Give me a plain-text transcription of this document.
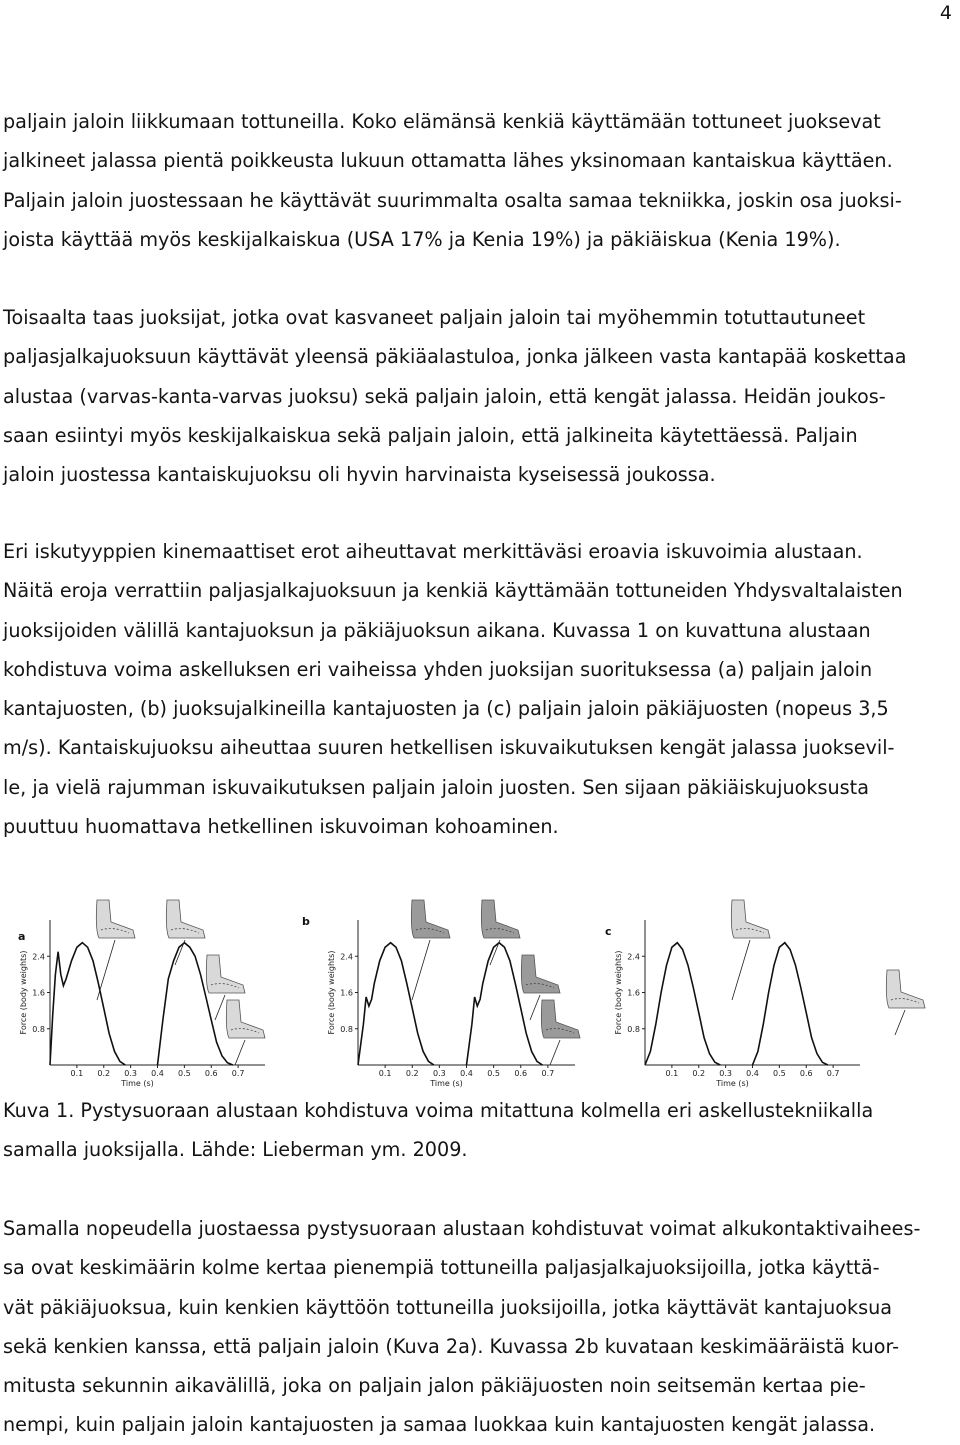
4
paljain jaloin liikkumaan tottuneilla. Koko elämänsä kenkiä käyttämään tottuneet juoksevat
jalkineet jalassa pientä poikkeusta lukuun ottamatta lähes yksinomaan kantaiskua käyttäen.
Paljain jaloin juostessaan he käyttävät suurimmalta osalta samaa tekniikka, joskin osa juoksi-
joista käyttää myös keskijalkaiskua (USA 17% ja Kenia 19%) ja päkiäiskua (Kenia 19%).
Toisaalta taas juoksijat, jotka ovat kasvaneet paljain jaloin tai myöhemmin totuttautuneet
paljasjalkajuoksuun käyttävät yleensä päkiäalastuloa, jonka jälkeen vasta kantapää koskettaa
alustaa (varvas-kanta-varvas juoksu) sekä paljain jaloin, että kengät jalassa. Heidän joukos-
saan esiintyi myös keskijalkaiskua sekä paljain jaloin, että jalkineita käytettäessä. Paljain
jaloin juostessa kantaiskujuoksu oli hyvin harvinaista kyseisessä joukossa.
Eri iskutyyppien kinemaattiset erot aiheuttavat merkittäväsi eroavia iskuvoimia alustaan.
Näitä eroja verrattiin paljasjalkajuoksuun ja kenkiä käyttämään tottuneiden Yhdysvaltalaisten
juoksijoiden välillä kantajuoksun ja päkiäjuoksun aikana. Kuvassa 1 on kuvattuna alustaan
kohdistuva voima askelluksen eri vaiheissa yhden juoksijan suorituksessa (a) paljain jaloin
kantajuosten, (b) juoksujalkineilla kantajuosten ja (c) paljain jaloin päkiäjuosten (nopeus 3,5
m/s). Kantaiskujuoksu aiheuttaa suuren hetkellisen iskuvaikutuksen kengät jalassa juoksevil-
le, ja vielä rajumman iskuvaikutuksen paljain jaloin juosten. Sen sijaan päkiäiskujuoksusta
puuttuu huomattava hetkellinen iskuvoiman kohoaminen.
2.4
1.6
0.8
0.1 0.2 0.3 0.4 0.5 0.6 0.7
Time (s)
Force (body weights)
a
2.4
1.6
0.8
0.1 0.2 0.3 0.4 0.5 0.6 0.7
Time (s)
Force (body weights)
b
2.4
1.6
0.8
0.1 0.2 0.3 0.4 0.5 0.6 0.7
Time (s)
Force (body weights)
c
Kuva 1. Pystysuoraan alustaan kohdistuva voima mitattuna kolmella eri askellustekniikalla
samalla juoksijalla. Lähde: Lieberman ym. 2009.
Samalla nopeudella juostaessa pystysuoraan alustaan kohdistuvat voimat alkukontaktivaihees-
sa ovat keskimäärin kolme kertaa pienempiä tottuneilla paljasjalkajuoksijoilla, jotka käyttä-
vät päkiäjuoksua, kuin kenkien käyttöön tottuneilla juoksijoilla, jotka käyttävät kantajuoksua
sekä kenkien kanssa, että paljain jaloin (Kuva 2a). Kuvassa 2b kuvataan keskimääräistä kuor-
mitusta sekunnin aikavälillä, joka on paljain jalon päkiäjuosten noin seitsemän kertaa pie-
nempi, kuin paljain jaloin kantajuosten ja samaa luokkaa kuin kantajuosten kengät jalassa.
